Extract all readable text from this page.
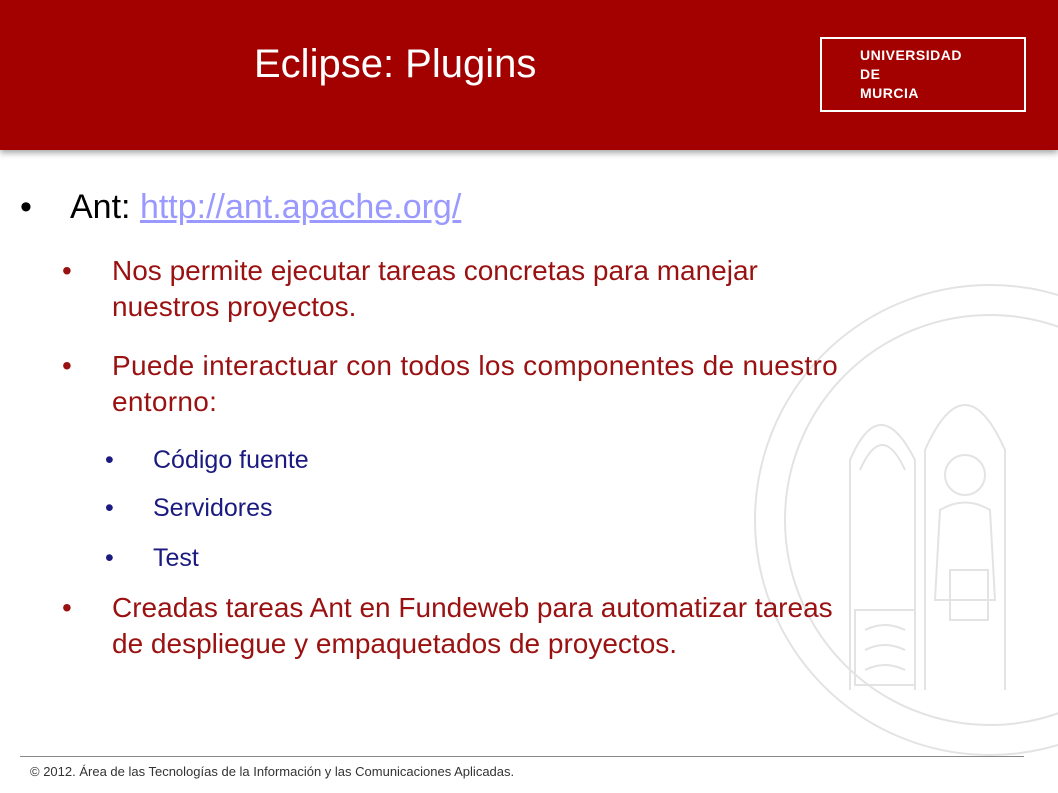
Eclipse: Plugins	UNIVERSIDAD DE
MURCIA
• Ant: http://ant.apache.org/
• Nos permite ejecutar tareas concretas para manejar
nuestros proyectos.
• Puede interactuar con todos los componentes de nuestro
entorno:
• Código fuente
• Servidores
• Test
• Creadas tareas Ant en Fundeweb para automatizar tareas
de despliegue y empaquetados de proyectos.
© 2012. Área de las Tecnologías de la Información y las Comunicaciones Aplicadas.
